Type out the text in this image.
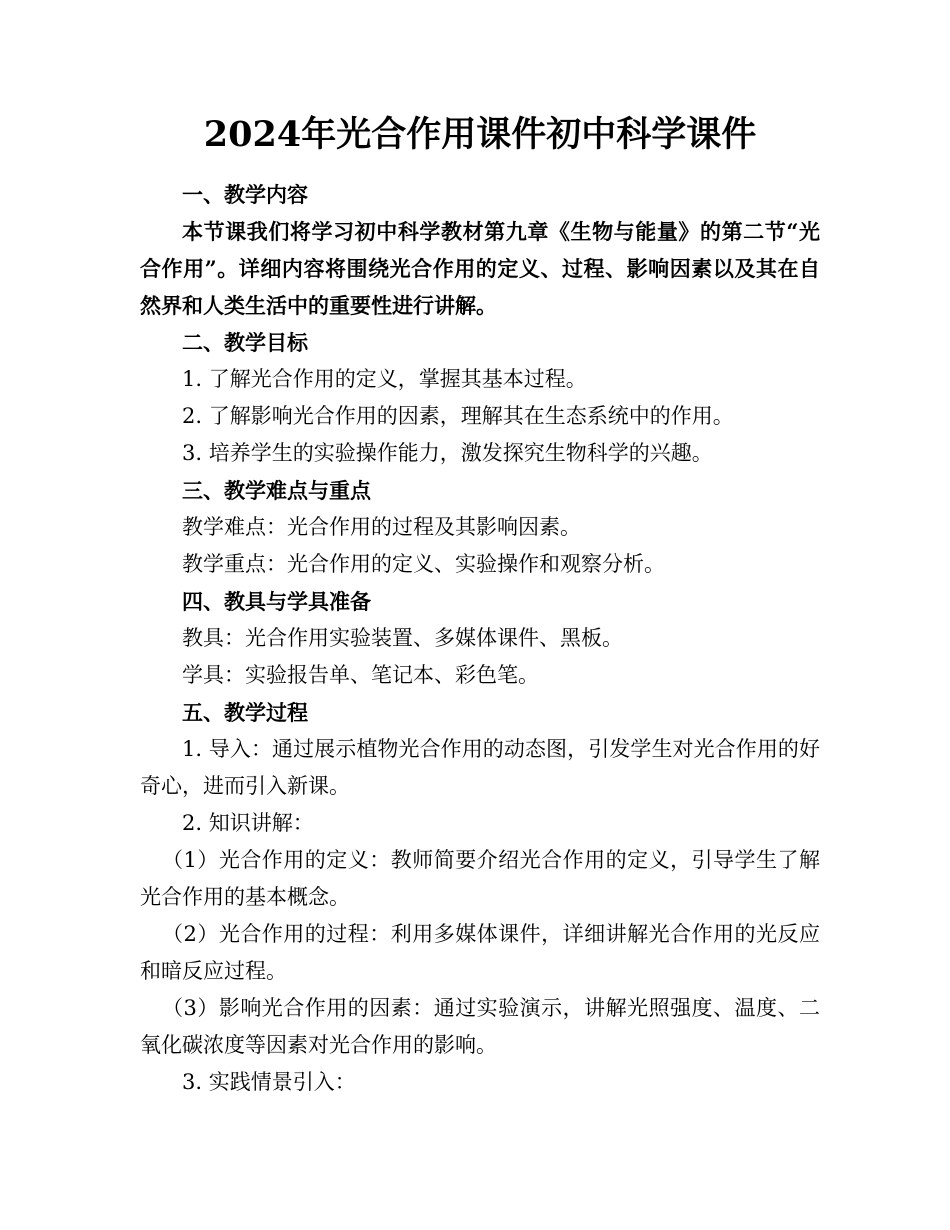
2024年光合作用课件初中科学课件

一、教学内容

本节课我们将学习初中科学教材第九章《生物与能量》的第二节“光合作用”。详细内容将围绕光合作用的定义、过程、影响因素以及其在自然界和人类生活中的重要性进行讲解。

二、教学目标

1. 了解光合作用的定义，掌握其基本过程。

2. 了解影响光合作用的因素，理解其在生态系统中的作用。

3. 培养学生的实验操作能力，激发探究生物科学的兴趣。

三、教学难点与重点

教学难点：光合作用的过程及其影响因素。

教学重点：光合作用的定义、实验操作和观察分析。

四、教具与学具准备

教具：光合作用实验装置、多媒体课件、黑板。

学具：实验报告单、笔记本、彩色笔。

五、教学过程

1. 导入：通过展示植物光合作用的动态图，引发学生对光合作用的好奇心，进而引入新课。

2. 知识讲解：

（1）光合作用的定义：教师简要介绍光合作用的定义，引导学生了解光合作用的基本概念。

（2）光合作用的过程：利用多媒体课件，详细讲解光合作用的光反应和暗反应过程。

（3）影响光合作用的因素：通过实验演示，讲解光照强度、温度、二氧化碳浓度等因素对光合作用的影响。

3. 实践情景引入：
